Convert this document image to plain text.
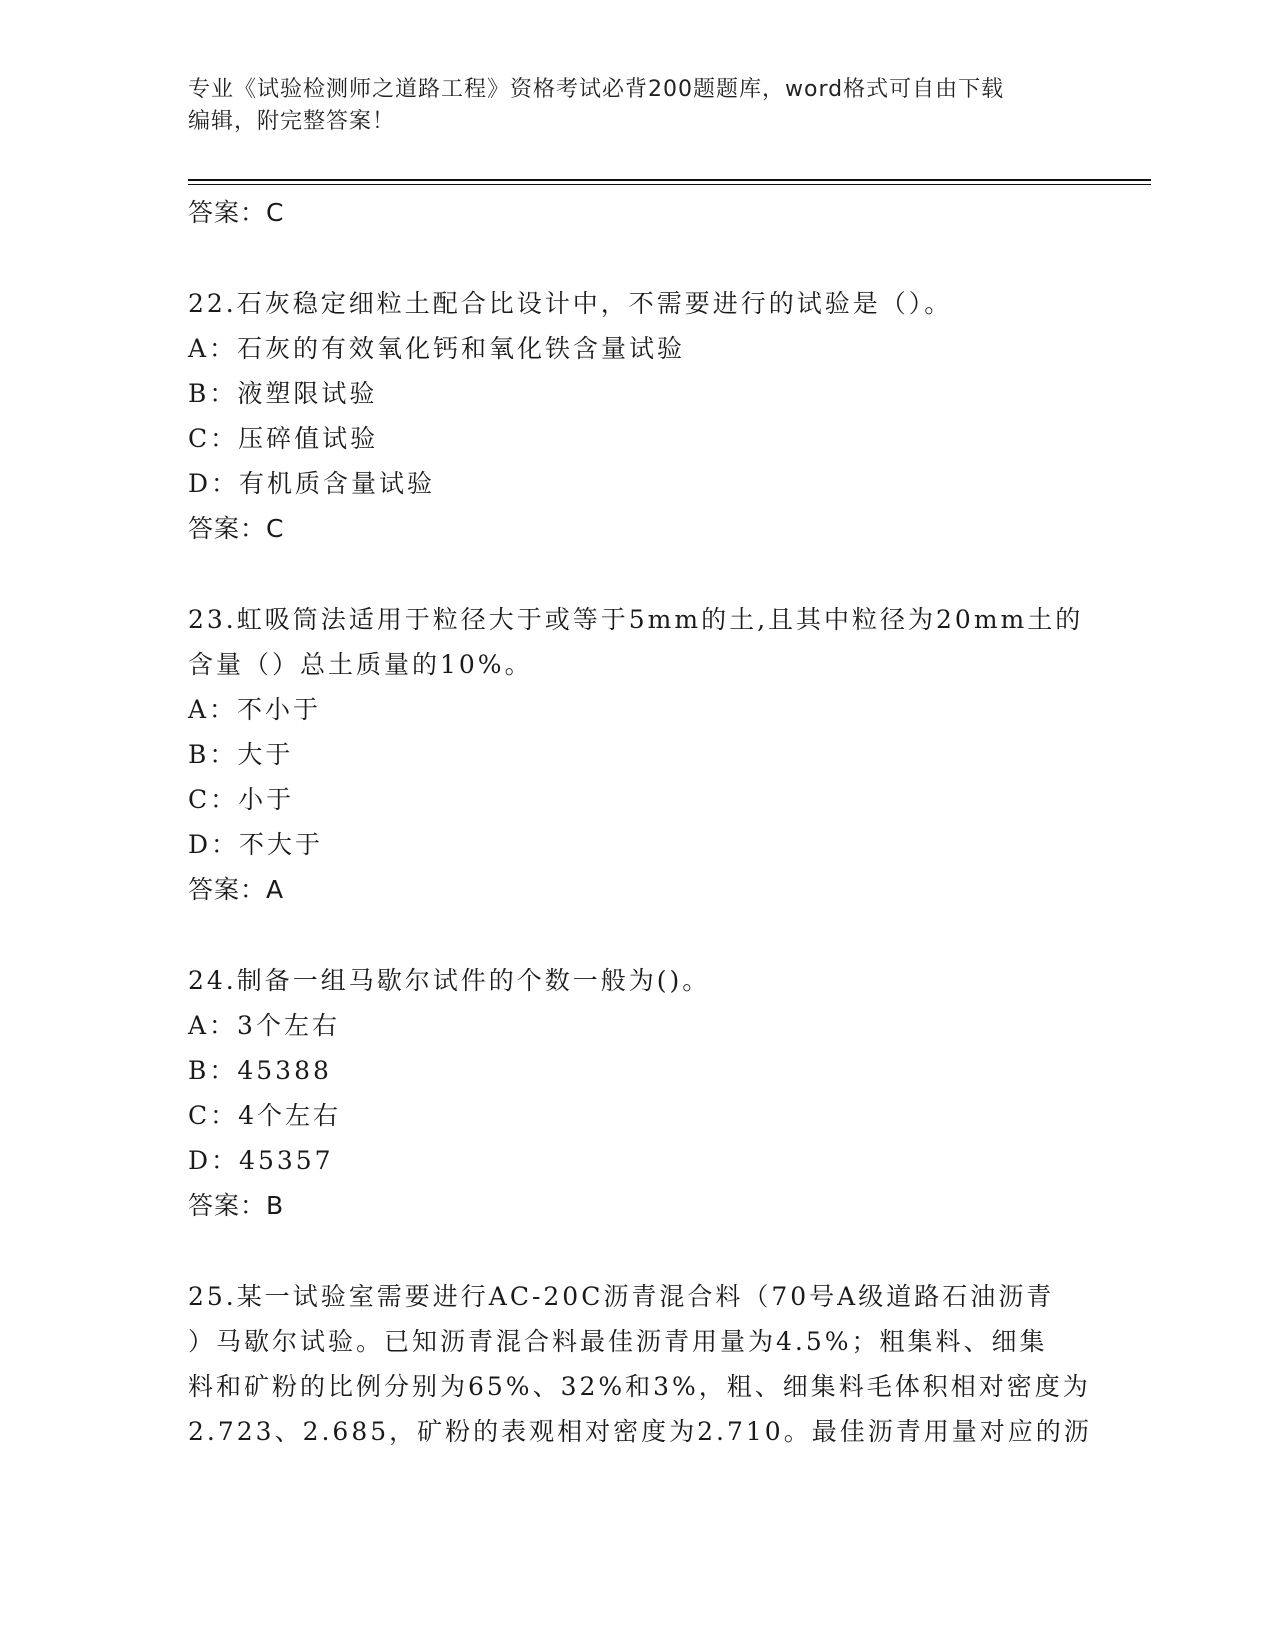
专业《试验检测师之道路工程》资格考试必背200题题库，word格式可自由下载
编辑，附完整答案！
答案：C
22.石灰稳定细粒土配合比设计中，不需要进行的试验是（）。
A：石灰的有效氧化钙和氧化铁含量试验
B：液塑限试验
C：压碎值试验
D：有机质含量试验
答案：C
23.虹吸筒法适用于粒径大于或等于5mm的土,且其中粒径为20mm土的
含量（）总土质量的10%。
A：不小于
B：大于
C：小于
D：不大于
答案：A
24.制备一组马歇尔试件的个数一般为()。
A：3个左右
B：45388
C：4个左右
D：45357
答案：B
25.某一试验室需要进行AC-20C沥青混合料（70号A级道路石油沥青
）马歇尔试验。已知沥青混合料最佳沥青用量为4.5%；粗集料、细集
料和矿粉的比例分别为65%、32%和3%，粗、细集料毛体积相对密度为
2.723、2.685，矿粉的表观相对密度为2.710。最佳沥青用量对应的沥
